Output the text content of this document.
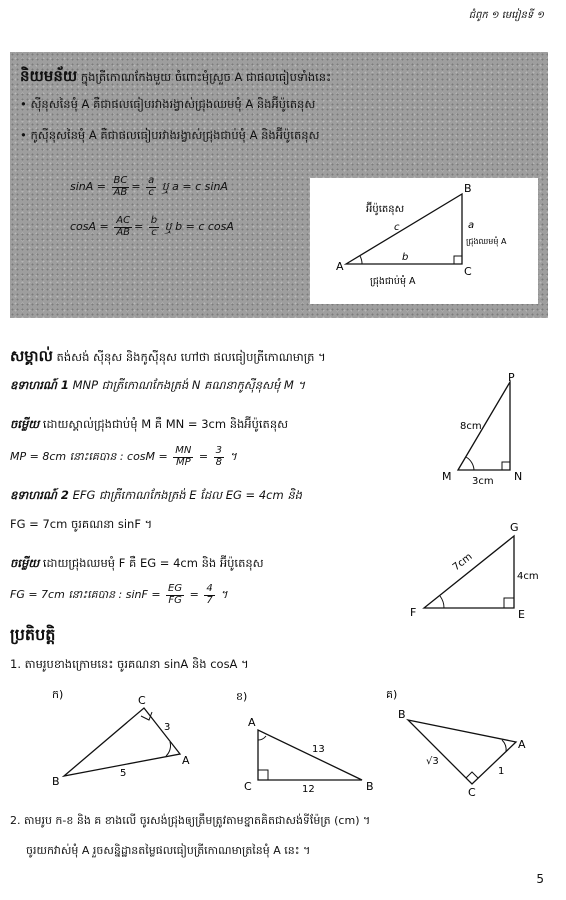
ជំពូក ១ មេរៀនទី ១
និយមន័យ ក្នុងត្រីកោណកែងមួយ ចំពោះមុំស្រួច A ជាផលធៀបទាំងនេះ
• ស៊ីនុសនៃមុំ A គឺជាផលធៀបរវាងរង្វាស់ជ្រុងឈមមុំ A និងអ៊ីប៉ូតេនុស
• កូស៊ីនុសនៃមុំ A គឺជាផលធៀបរវាងរង្វាស់ជ្រុងជាប់មុំ A និងអ៊ីប៉ូតេនុស
$\sin A = \frac{BC}{AB} = \frac{a}{c}$ ឬ a = c sinA
$\cos A = \frac{AC}{AB} = \frac{b}{c}$ ឬ b = c cosA
A
B
C
អ៊ីប៉ូតេនុស
c	a
ជ្រុងឈមមុំ A
b
ជ្រុងជាប់មុំ A
សម្គាល់ តង់សង់ ស៊ីនុស និងកូស៊ីនុស ហៅថា ផលធៀបត្រីកោណមាត្រ ។
ឧទាហរណ៍ 1 MNP ជាត្រីកោណកែងត្រង់ N គណនាកូស៊ីនុសមុំ M ។
ចម្លើយ ដោយស្គាល់ជ្រុងជាប់មុំ M គឺ MN = 3cm និងអ៊ីប៉ូតេនុស
MP = 8cm នោះគេបាន : $\cos M = \frac{MN}{MP} = \frac{3}{8}$ ។
P
M	N
8cm
3cm
ឧទាហរណ៍ 2 EFG ជាត្រីកោណកែងត្រង់ E ដែល EG = 4cm និង
FG = 7cm ចូរគណនា sinF ។
ចម្លើយ ដោយជ្រុងឈមមុំ F គឺ EG = 4cm និង អ៊ីប៉ូតេនុស
FG = 7cm នោះគេបាន : $\sin F = \frac{EG}{FG} = \frac{4}{7}$ ។
G
F	E
7cm
4cm
ប្រតិបត្តិ
1. តាមរូបខាងក្រោមនេះ ចូរគណនា sinA និង cosA ។
ក)	C
A
B
3
5
ខ)
A
C	B
13
12
គ)
B
A
C
√3
1
2. តាមរូប ក-ខ និង គ ខាងលើ ចូរសង់ជ្រុងឲ្យត្រឹមត្រូវតាមខ្នាតគិតជាសង់ទីម៉ែត្រ (cm) ។
ចូរយកវាស់មុំ A រួចសន្និដ្ឋានតម្លៃផលធៀបត្រីកោណមាត្រនៃមុំ A នេះ ។
5
